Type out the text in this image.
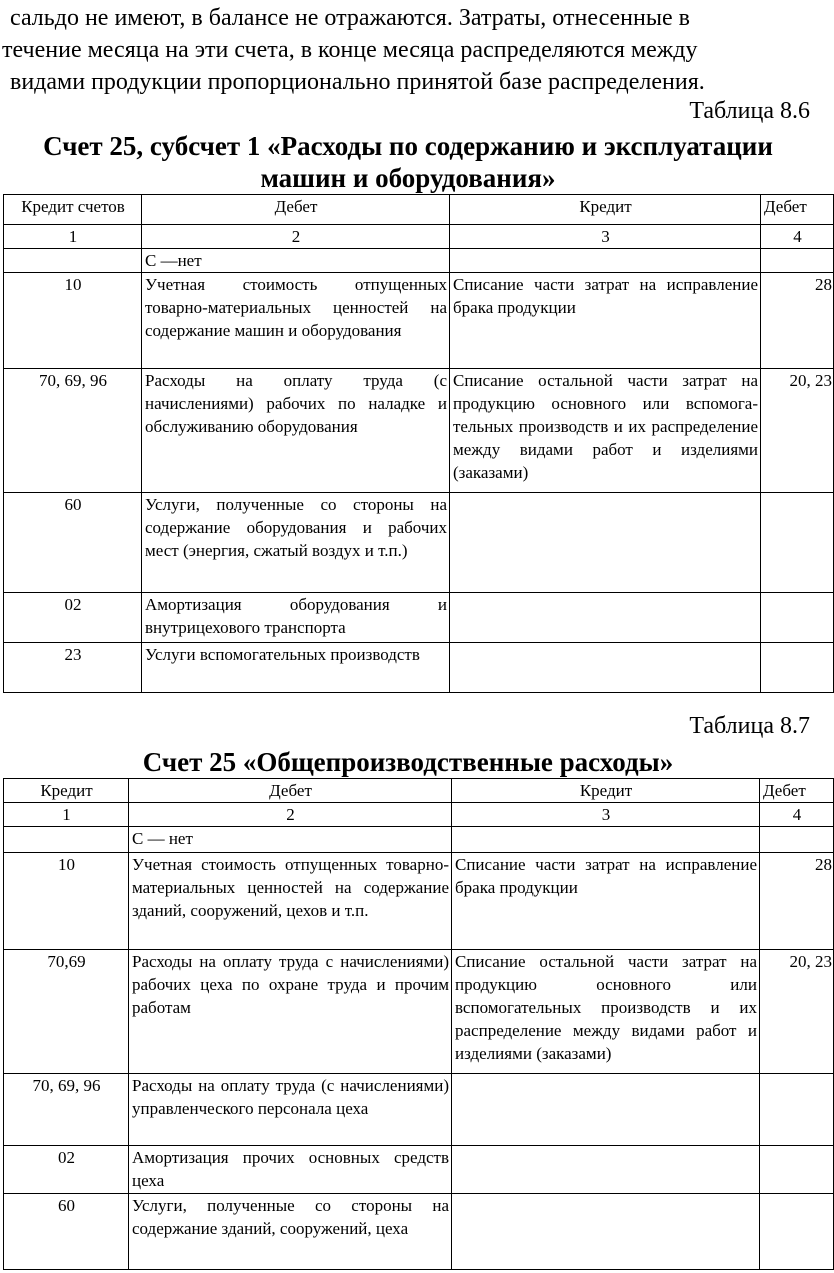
сальдо не имеют, в балансе не отражаются. Затраты, отнесенные в
течение месяца на эти счета, в конце месяца распределяются между
видами продукции пропорционально принятой базе распределения.
Таблица 8.6
Счет 25, субсчет 1 «Расходы по содержанию и эксплуатации
машин и оборудования»
Кредит счетов	Дебет	Кредит	Дебет
1	2	3	4
	С —нет		
10	Учетная стоимость отпущенных товарно-материальных ценностей на содержание машин и оборудования	Списание части затрат на исправление брака продукции	28
70, 69, 96	Расходы на оплату труда (с начислениями) рабочих по наладке и обслуживанию оборудования	Списание остальной части затрат на продукцию основного или вспомога-тельных производств и их распределение между видами работ и изделиями (заказами)	20, 23
60	Услуги, полученные со стороны на содержание оборудования и рабочих мест (энергия, сжатый воздух и т.п.)		
02	Амортизация оборудования и внутрицехового транспорта		
23	Услуги вспомогательных производств		
Таблица 8.7
Счет 25 «Общепроизводственные расходы»
Кредит	Дебет	Кредит	Дебет
1	2	3	4
	С — нет		
10	Учетная стоимость отпущенных товарно-материальных ценностей на содержание зданий, сооружений, цехов и т.п.	Списание части затрат на исправление брака продукции	28
70,69	Расходы на оплату труда с начислениями) рабочих цеха по охране труда и прочим работам	Списание остальной части затрат на продукцию основного или вспомогательных производств и их распределение между видами работ и изделиями (заказами)	20, 23
70, 69, 96	Расходы на оплату труда (с начислениями) управленческого персонала цеха		
02	Амортизация прочих основных средств цеха		
60	Услуги, полученные со стороны на содержание зданий, сооружений, цеха		
